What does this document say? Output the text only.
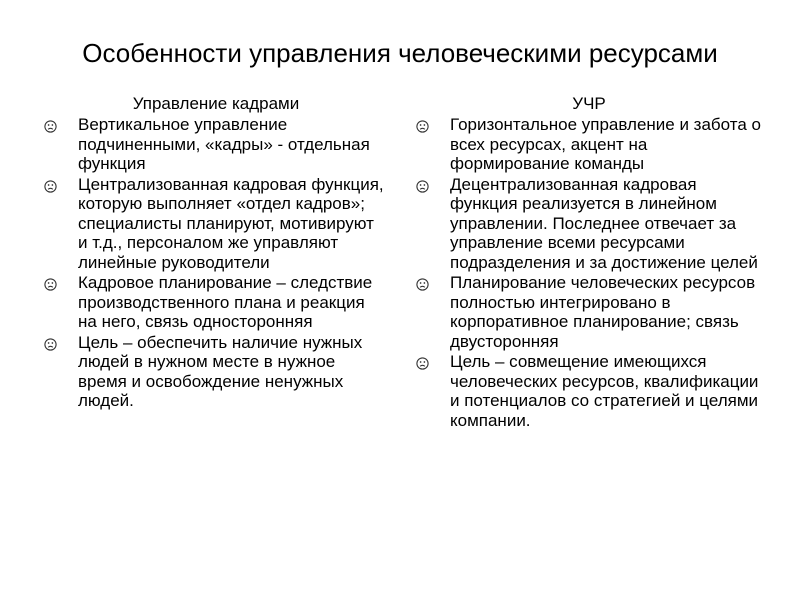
Особенности управления человеческими ресурсами
Управление кадрами
Вертикальное управление подчиненными, «кадры» - отдельная функция
Централизованная кадровая функция, которую выполняет «отдел кадров»; специалисты планируют, мотивируют и т.д., персоналом же управляют линейные руководители
Кадровое планирование – следствие производственного плана и реакция на него, связь односторонняя
Цель – обеспечить наличие нужных людей в нужном месте в нужное время и освобождение ненужных людей.
УЧР
Горизонтальное управление и забота о всех ресурсах, акцент на формирование команды
Децентрализованная кадровая функция реализуется в линейном управлении. Последнее отвечает за управление всеми ресурсами подразделения и за достижение целей
Планирование человеческих ресурсов полностью интегрировано в корпоративное планирование; связь двусторонняя
Цель – совмещение имеющихся человеческих ресурсов, квалификации и потенциалов со стратегией и целями компании.
